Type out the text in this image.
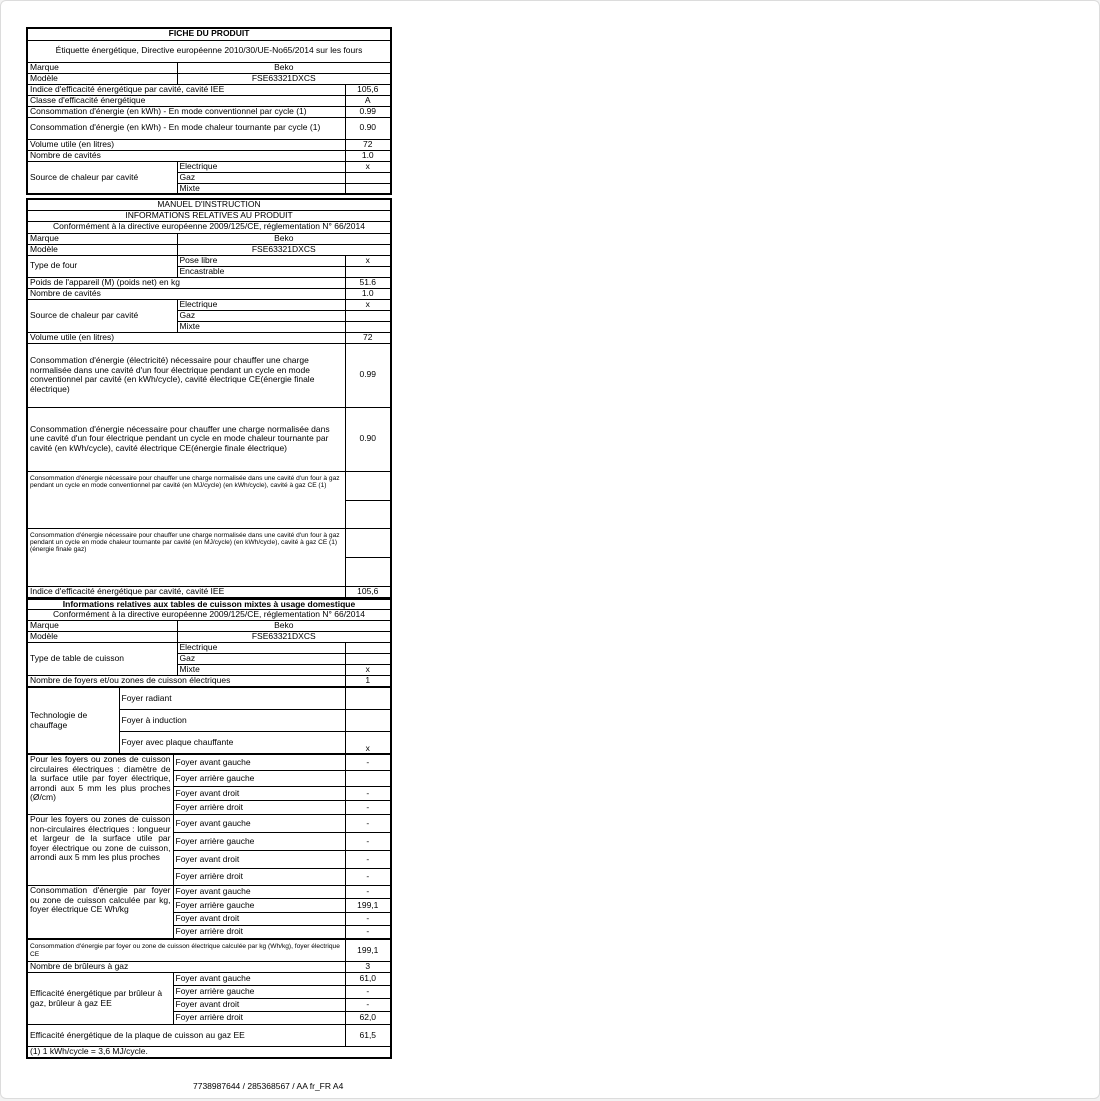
FICHE DU PRODUIT		
Étiquette énergétique, Directive européenne 2010/30/UE-No65/2014 sur les fours		
Marque	Beko	
Modèle	FSE63321DXCS	
Indice d'efficacité énergétique par cavité, cavité IEE		105,6
Classe d'efficacité énergétique		A
Consommation d'énergie (en kWh) - En mode conventionnel par cycle (1)		0.99
Consommation d'énergie (en kWh) - En mode chaleur tournante par cycle (1)		0.90
Volume utile (en litres)		72
Nombre de cavités		1.0
Source de chaleur par cavité	Electrique	x
	Gaz	
	Mixte	
MANUEL D'INSTRUCTION		
INFORMATIONS RELATIVES AU PRODUIT		
Conformément à la directive européenne 2009/125/CE, réglementation N° 66/2014		
Marque	Beko	
Modèle	FSE63321DXCS	
Type de four	Pose libre	x
	Encastrable	
Poids de l'appareil (M) (poids net) en kg		51.6
Nombre de cavités		1.0
Source de chaleur par cavité	Electrique	x
	Gaz	
	Mixte	
Volume utile (en litres)		72
Consommation d'énergie (électricité) nécessaire pour chauffer une charge normalisée dans une cavité d'un four électrique pendant un cycle en mode conventionnel par cavité (en kWh/cycle), cavité électrique CE(énergie finale électrique)		0.99
Consommation d'énergie nécessaire pour chauffer une charge normalisée dans une cavité d'un four électrique pendant un cycle en mode chaleur tournante par cavité (en kWh/cycle), cavité électrique CE(énergie finale électrique)		0.90
Consommation d'énergie nécessaire pour chauffer une charge normalisée dans une cavité d'un four à gaz pendant un cycle en mode conventionnel par cavité (en MJ/cycle) (en kWh/cycle), cavité à gaz CE (1)		

Consommation d'énergie nécessaire pour chauffer une charge normalisée dans une cavité d'un four à gaz pendant un cycle en mode chaleur tournante par cavité (en MJ/cycle) (en kWh/cycle), cavité à gaz CE (1)(énergie finale gaz)		

Indice d'efficacité énergétique par cavité, cavité IEE		105,6
Informations relatives aux tables de cuisson mixtes à usage domestique		
Conformément à la directive européenne 2009/125/CE, réglementation N° 66/2014		
Marque	Beko	
Modèle	FSE63321DXCS	
Type de table de cuisson	Electrique	
	Gaz	
	Mixte	x
Nombre de foyers et/ou zones de cuisson électriques		1
Technologie de chauffage	Foyer radiant	
	Foyer à induction	
	Foyer avec plaque chauffante	x
Pour les foyers ou zones de cuisson circulaires électriques : diamètre de la surface utile par foyer électrique, arrondi aux 5 mm les plus proches (Ø/cm)	Foyer avant gauche	-
	Foyer arrière gauche	
	Foyer avant droit	-
	Foyer arrière droit	-
Pour les foyers ou zones de cuisson non-circulaires électriques : longueur et largeur de la surface utile par foyer électrique ou zone de cuisson, arrondi aux 5 mm les plus proches	Foyer avant gauche	-
	Foyer arrière gauche	-
	Foyer avant droit	-
	Foyer arrière droit	-
Consommation d'énergie par foyer ou zone de cuisson calculée par kg, foyer électrique CE Wh/kg	Foyer avant gauche	-
	Foyer arrière gauche	199,1
	Foyer avant droit	-
	Foyer arrière droit	-
Consommation d'énergie par foyer ou zone de cuisson électrique calculée par kg (Wh/kg), foyer électrique CE		199,1
Nombre de brûleurs à gaz		3
Efficacité énergétique par brûleur à gaz, brûleur à gaz EE	Foyer avant gauche	61,0
	Foyer arrière gauche	-
	Foyer avant droit	-
	Foyer arrière droit	62,0
Efficacité énergétique de la plaque de cuisson au gaz EE		61,5
(1) 1 kWh/cycle = 3,6 MJ/cycle.		
7738987644 / 285368567 / AA fr_FR A4
